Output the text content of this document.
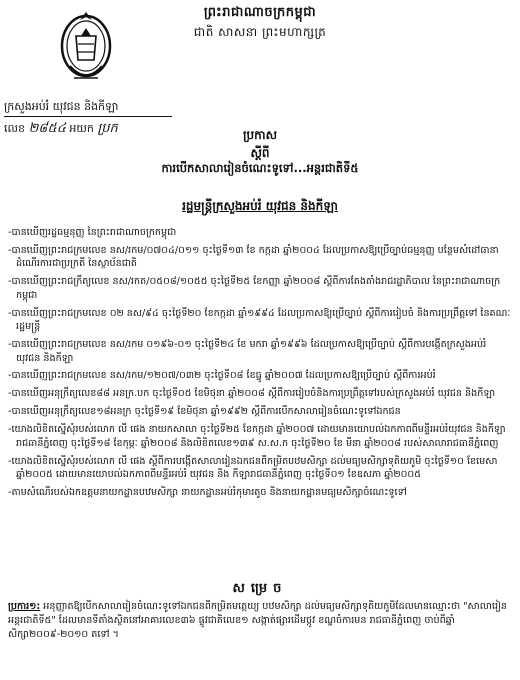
ព្រះរាជាណាចក្រកម្ពុជា
ជាតិ សាសនា ព្រះមហាក្សត្រ
ក្រសួងអប់រំ យុវជន និងកីឡា
លេខ ២៨៥៤ អយក ប្រក	ប្រកាស
ស្តីពី
ការបើកសាលារៀនចំណេះទូទៅ...អន្តរជាតិទី៥
រដ្ឋមន្ត្រីក្រសួងអប់រំ យុវជន និងកីឡា
-បានឃើញរដ្ឋធម្មនុញ្ញ នៃព្រះរាជាណាចក្រកម្ពុជា
-បានឃើញព្រះរាជក្រមលេខ នស/រកម/០៧០៤/០១១ ចុះថ្ងៃទី១៣ ខែ កក្កដា ឆ្នាំ២០០៤ ដែលប្រកាសឱ្យប្រើច្បាប់ធម្មនុញ្ញ បន្ថែមសំដៅធានាដំណើរការជាប្រក្រតី នៃស្ថាប័នជាតិ
-បានឃើញព្រះរាជក្រឹត្យលេខ នស/រកត/០៥០៨/១០៥៥ ចុះថ្ងៃទី២៥ ខែកញ្ញា ឆ្នាំ២០០៨ ស្តីពីការតែងតាំងរាជរដ្ឋាភិបាល នៃព្រះរាជាណាចក្រកម្ពុជា
-បានឃើញព្រះរាជក្រមលេខ ០២ នស/៩៤ ចុះថ្ងៃទី២០ ខែកក្កដា ឆ្នាំ១៩៩៤ ដែលប្រកាសឱ្យប្រើច្បាប់ ស្តីពីការរៀបចំ និងការប្រព្រឹត្តទៅ នៃគណៈរដ្ឋមន្ត្រី
-បានឃើញព្រះរាជក្រមលេខ នស/រកម ០១៩៦-០១ ចុះថ្ងៃទី២៤ ខែ មករា ឆ្នាំ១៩៩៦ ដែលប្រកាសឱ្យប្រើច្បាប់ ស្តីពីការបង្កើតក្រសួងអប់រំ យុវជន និងកីឡា
-បានឃើញព្រះរាជក្រមលេខ នស/រកម/១២០៧/០៣២ ចុះថ្ងៃទី០៨ ខែធ្នូ ឆ្នាំ២០០៧ ដែលប្រកាសឱ្យប្រើច្បាប់ ស្តីពីការអប់រំ
-បានឃើញអនុក្រឹត្យលេខ៨៨ អនក្រ.បក ចុះថ្ងៃទី០៥ ខែមិថុនា ឆ្នាំ២០០៨ ស្តីពីការរៀបចំនិងការប្រព្រឹត្តទៅរបស់ក្រសួងអប់រំ យុវជន និងកីឡា
-បានឃើញអនុក្រឹត្យលេខ១៨អនក្រ ចុះថ្ងៃទី១៩ ខែមិថុនា ឆ្នាំ១៩៩២ ស្តីពីការបើកសាលារៀនចំណេះទូទៅឯកជន
-យោងលិខិតស្នើសុំរបស់លោក លី ផេង នាយកសាលា ចុះថ្ងៃទី២៥ ខែកក្កដា ឆ្នាំ២០០៧ ដោយមានយោបល់ឯកភាពពីមន្ទីរអប់រំយុវជន និងកីឡារាជធានីភ្នំពេញ ចុះថ្ងៃទី១៨ ខែកុម្ភៈ ឆ្នាំ២០០៨ និងលិខិតលេខ១៣៩ ស.ស.ក ចុះថ្ងៃទី២០ ខែ មីនា ឆ្នាំ២០០៨ របស់សាលារាជធានីភ្នំពេញ
-យោងលិខិតស្នើសុំរបស់លោក លី ផេង ស្តីពីការបង្កើតសាលារៀនឯកជនពីកម្រិតបឋមសិក្សា ដល់មធ្យមសិក្សាទុតិយភូមិ ចុះថ្ងៃទី១០ ខែមេសា ឆ្នាំ២០០៥ ដោយមានយោបល់ឯកភាពពីមន្ទីរអប់រំ យុវជន និង កីឡារាជធានីភ្នំពេញ ចុះថ្ងៃទី០១ ខែឧសភា ឆ្នាំ២០០៥
-តាមសំណើរបស់ឯកឧត្តមនាយកដ្ឋានបឋមសិក្សា នាយកដ្ឋានអប់រំកុមារតូច និងនាយកដ្ឋានមធ្យមសិក្សាចំណេះទូទៅ
សម្រេច
ប្រការ១: អនុញ្ញាតឱ្យបើកសាលារៀនចំណេះទូទៅឯកជនពីកម្រិតមត្តេយ្យ បឋមសិក្សា ដល់មធ្យមសិក្សាទុតិយភូមិដែលមានឈ្មោះថា "សាលារៀនអន្តរជាតិទី៥" ដែលមានទីតាំងស្ថិតនៅអាគារលេខ៣៦ ផ្លូវជាតិលេខ១ សង្កាត់ផ្សារដើមថ្កូវ ខណ្ឌចំការមន រាជធានីភ្នំពេញ ចាប់ពីឆ្នាំសិក្សា២០០៩-២០១០ តទៅ ។
